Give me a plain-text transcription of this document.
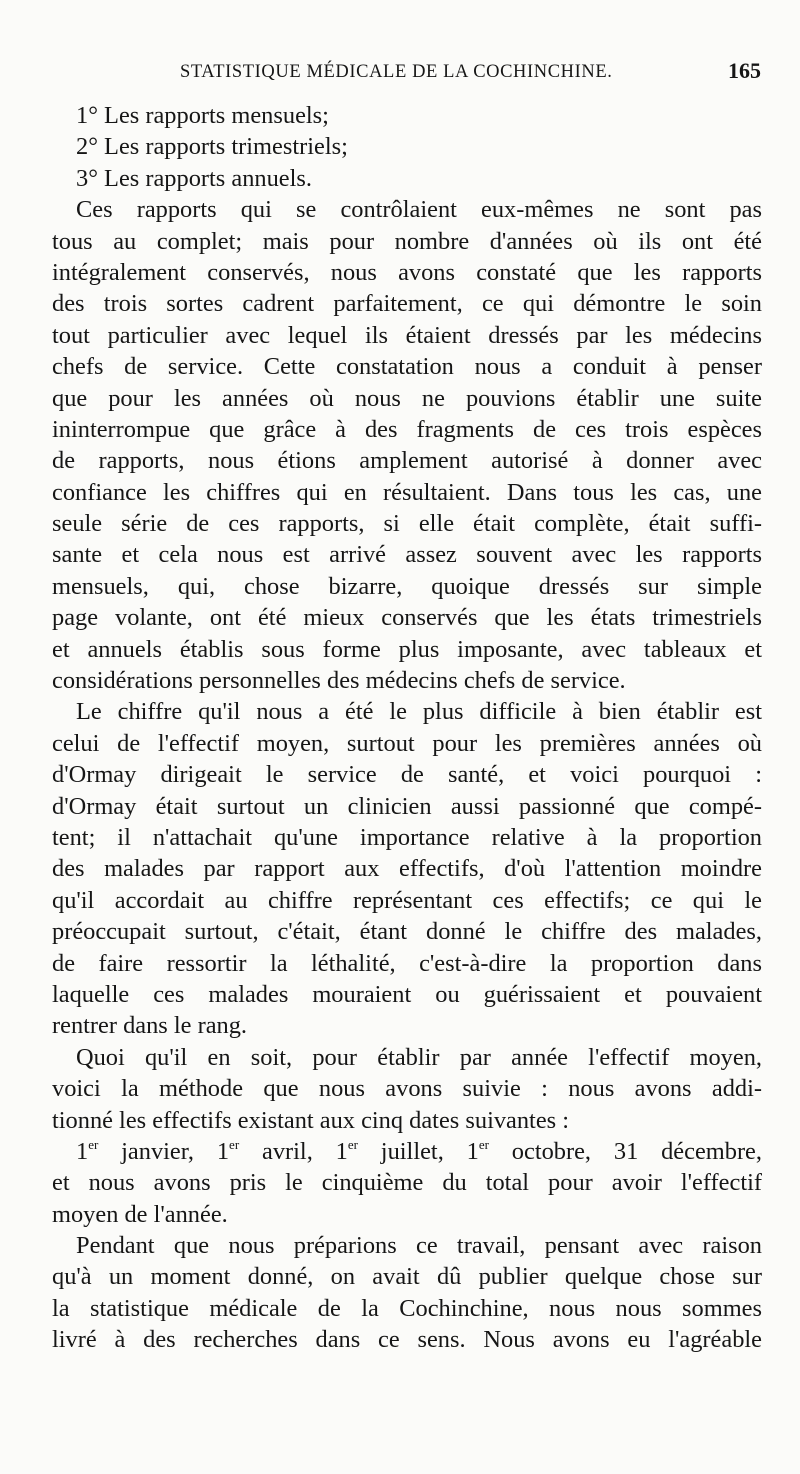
STATISTIQUE MÉDICALE DE LA COCHINCHINE.	165
1° Les rapports mensuels;
2° Les rapports trimestriels;
3° Les rapports annuels.
Ces rapports qui se contrôlaient eux-mêmes ne sont pas
tous au complet; mais pour nombre d'années où ils ont été
intégralement conservés, nous avons constaté que les rapports
des trois sortes cadrent parfaitement, ce qui démontre le soin
tout particulier avec lequel ils étaient dressés par les médecins
chefs de service. Cette constatation nous a conduit à penser
que pour les années où nous ne pouvions établir une suite
ininterrompue que grâce à des fragments de ces trois espèces
de rapports, nous étions amplement autorisé à donner avec
confiance les chiffres qui en résultaient. Dans tous les cas, une
seule série de ces rapports, si elle était complète, était suffi-
sante et cela nous est arrivé assez souvent avec les rapports
mensuels, qui, chose bizarre, quoique dressés sur simple
page volante, ont été mieux conservés que les états trimestriels
et annuels établis sous forme plus imposante, avec tableaux et
considérations personnelles des médecins chefs de service.
Le chiffre qu'il nous a été le plus difficile à bien établir est
celui de l'effectif moyen, surtout pour les premières années où
d'Ormay dirigeait le service de santé, et voici pourquoi :
d'Ormay était surtout un clinicien aussi passionné que compé-
tent; il n'attachait qu'une importance relative à la proportion
des malades par rapport aux effectifs, d'où l'attention moindre
qu'il accordait au chiffre représentant ces effectifs; ce qui le
préoccupait surtout, c'était, étant donné le chiffre des malades,
de faire ressortir la léthalité, c'est-à-dire la proportion dans
laquelle ces malades mouraient ou guérissaient et pouvaient
rentrer dans le rang.
Quoi qu'il en soit, pour établir par année l'effectif moyen,
voici la méthode que nous avons suivie : nous avons addi-
tionné les effectifs existant aux cinq dates suivantes :
1er janvier, 1er avril, 1er juillet, 1er octobre, 31 décembre,
et nous avons pris le cinquième du total pour avoir l'effectif
moyen de l'année.
Pendant que nous préparions ce travail, pensant avec raison
qu'à un moment donné, on avait dû publier quelque chose sur
la statistique médicale de la Cochinchine, nous nous sommes
livré à des recherches dans ce sens. Nous avons eu l'agréable
